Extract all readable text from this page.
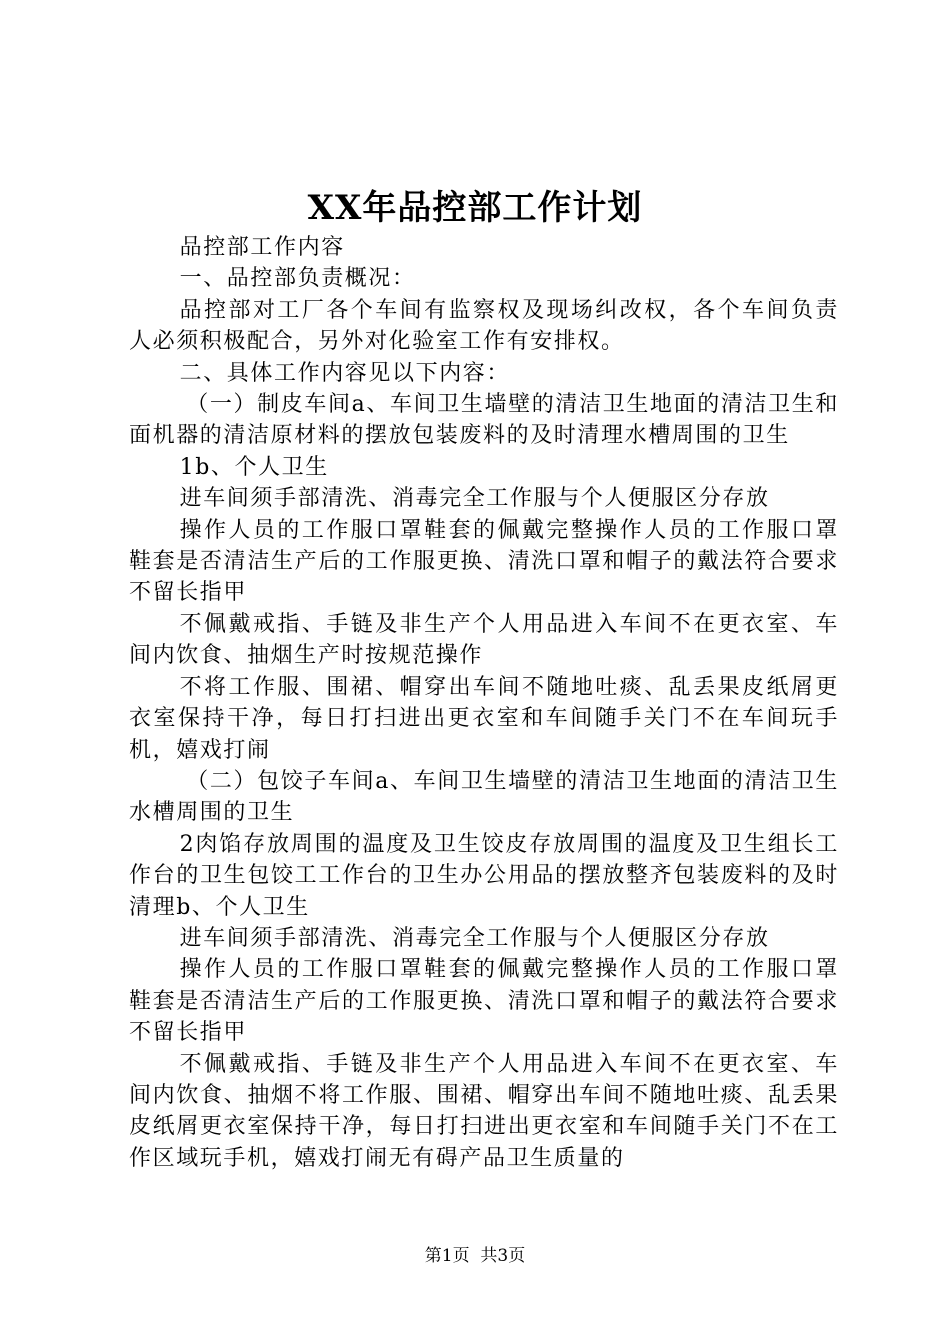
XX年品控部工作计划

品控部工作内容

一、品控部负责概况：

品控部对工厂各个车间有监察权及现场纠改权，各个车间负责人必须积极配合，另外对化验室工作有安排权。

二、具体工作内容见以下内容：

（一）制皮车间a、车间卫生墙壁的清洁卫生地面的清洁卫生和面机器的清洁原材料的摆放包装废料的及时清理水槽周围的卫生

1b、个人卫生

进车间须手部清洗、消毒完全工作服与个人便服区分存放

操作人员的工作服口罩鞋套的佩戴完整操作人员的工作服口罩鞋套是否清洁生产后的工作服更换、清洗口罩和帽子的戴法符合要求不留长指甲

不佩戴戒指、手链及非生产个人用品进入车间不在更衣室、车间内饮食、抽烟生产时按规范操作

不将工作服、围裙、帽穿出车间不随地吐痰、乱丢果皮纸屑更衣室保持干净，每日打扫进出更衣室和车间随手关门不在车间玩手机，嬉戏打闹

（二）包饺子车间a、车间卫生墙壁的清洁卫生地面的清洁卫生水槽周围的卫生

2肉馅存放周围的温度及卫生饺皮存放周围的温度及卫生组长工作台的卫生包饺工工作台的卫生办公用品的摆放整齐包装废料的及时清理b、个人卫生

进车间须手部清洗、消毒完全工作服与个人便服区分存放

操作人员的工作服口罩鞋套的佩戴完整操作人员的工作服口罩鞋套是否清洁生产后的工作服更换、清洗口罩和帽子的戴法符合要求不留长指甲

不佩戴戒指、手链及非生产个人用品进入车间不在更衣室、车间内饮食、抽烟不将工作服、围裙、帽穿出车间不随地吐痰、乱丢果皮纸屑更衣室保持干净，每日打扫进出更衣室和车间随手关门不在工作区域玩手机，嬉戏打闹无有碍产品卫生质量的

第1页 共3页
